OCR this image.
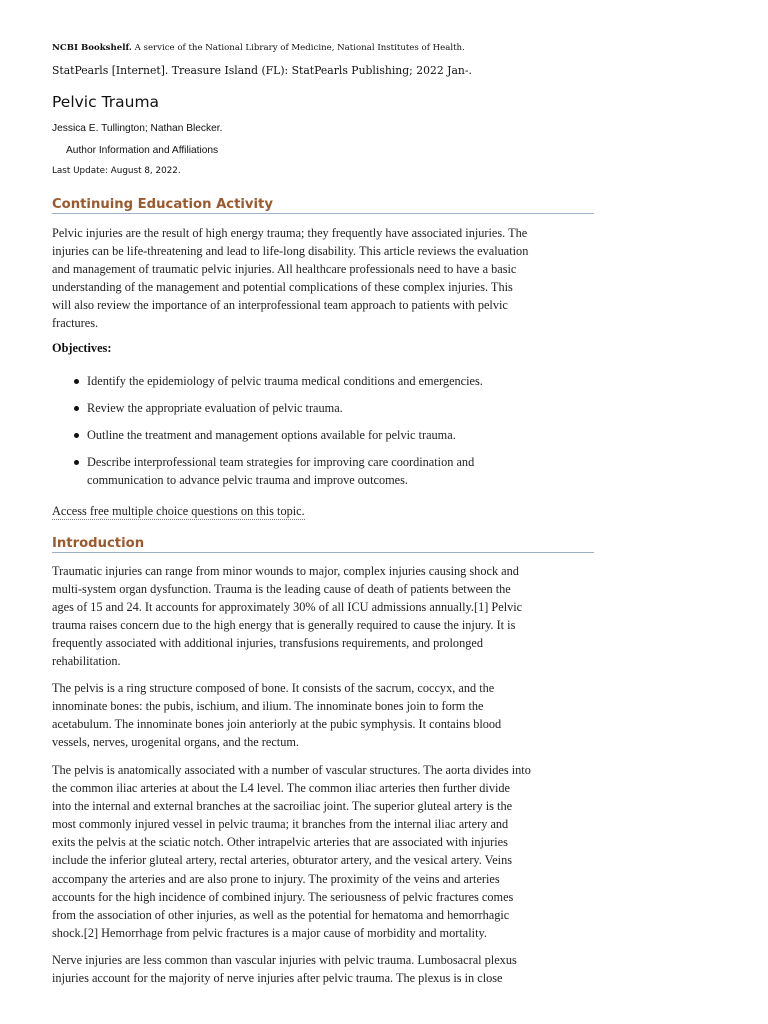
NCBI Bookshelf. A service of the National Library of Medicine, National Institutes of Health.
StatPearls [Internet]. Treasure Island (FL): StatPearls Publishing; 2022 Jan-.
Pelvic Trauma
Jessica E. Tullington; Nathan Blecker.
Author Information and Affiliations
Last Update: August 8, 2022.
Continuing Education Activity
Pelvic injuries are the result of high energy trauma; they frequently have associated injuries. The
injuries can be life-threatening and lead to life-long disability. This article reviews the evaluation
and management of traumatic pelvic injuries. All healthcare professionals need to have a basic
understanding of the management and potential complications of these complex injuries. This
will also review the importance of an interprofessional team approach to patients with pelvic
fractures.
Objectives:
Identify the epidemiology of pelvic trauma medical conditions and emergencies.
Review the appropriate evaluation of pelvic trauma.
Outline the treatment and management options available for pelvic trauma.
Describe interprofessional team strategies for improving care coordination and
communication to advance pelvic trauma and improve outcomes.
Access free multiple choice questions on this topic.
Introduction
Traumatic injuries can range from minor wounds to major, complex injuries causing shock and
multi-system organ dysfunction. Trauma is the leading cause of death of patients between the
ages of 15 and 24. It accounts for approximately 30% of all ICU admissions annually.[1] Pelvic
trauma raises concern due to the high energy that is generally required to cause the injury. It is
frequently associated with additional injuries, transfusions requirements, and prolonged
rehabilitation.
The pelvis is a ring structure composed of bone. It consists of the sacrum, coccyx, and the
innominate bones: the pubis, ischium, and ilium. The innominate bones join to form the
acetabulum. The innominate bones join anteriorly at the pubic symphysis. It contains blood
vessels, nerves, urogenital organs, and the rectum.
The pelvis is anatomically associated with a number of vascular structures. The aorta divides into
the common iliac arteries at about the L4 level. The common iliac arteries then further divide
into the internal and external branches at the sacroiliac joint. The superior gluteal artery is the
most commonly injured vessel in pelvic trauma; it branches from the internal iliac artery and
exits the pelvis at the sciatic notch. Other intrapelvic arteries that are associated with injuries
include the inferior gluteal artery, rectal arteries, obturator artery, and the vesical artery. Veins
accompany the arteries and are also prone to injury. The proximity of the veins and arteries
accounts for the high incidence of combined injury. The seriousness of pelvic fractures comes
from the association of other injuries, as well as the potential for hematoma and hemorrhagic
shock.[2] Hemorrhage from pelvic fractures is a major cause of morbidity and mortality.
Nerve injuries are less common than vascular injuries with pelvic trauma. Lumbosacral plexus
injuries account for the majority of nerve injuries after pelvic trauma. The plexus is in close
